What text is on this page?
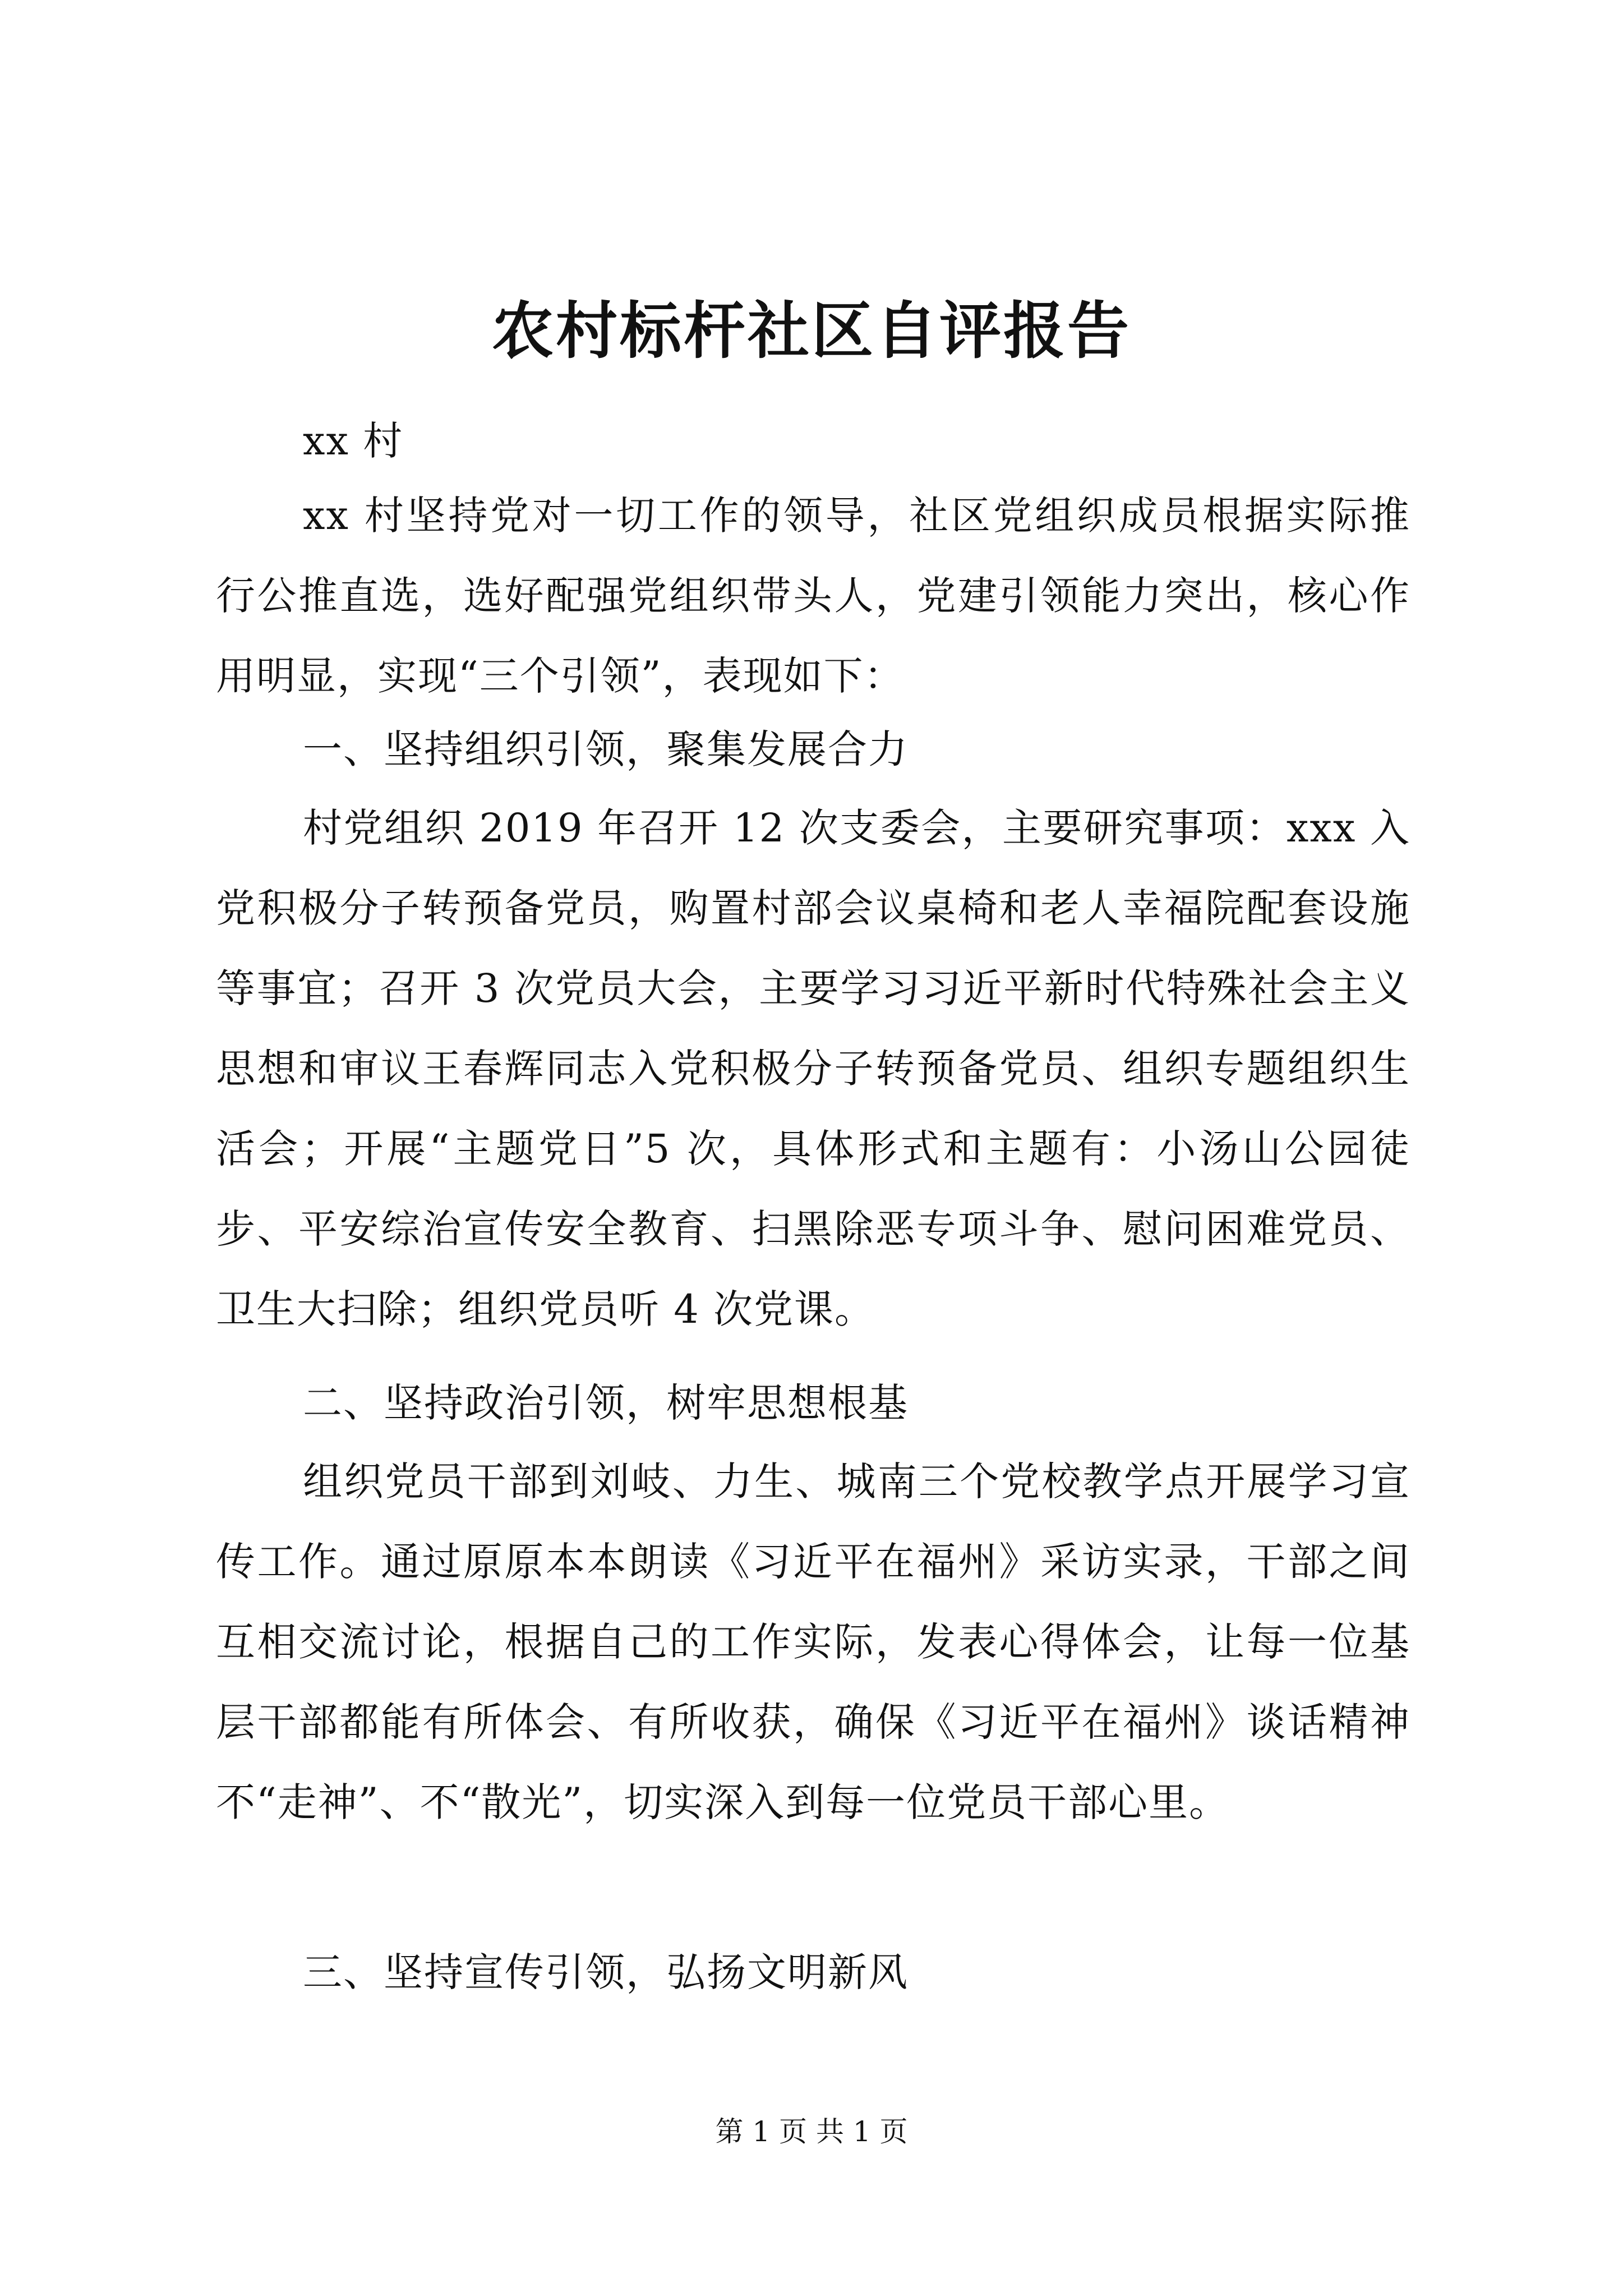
农村标杆社区自评报告

xx 村

xx 村坚持党对一切工作的领导，社区党组织成员根据实际推行公推直选，选好配强党组织带头人，党建引领能力突出，核心作用明显，实现“三个引领”，表现如下：

一、坚持组织引领，聚集发展合力

村党组织 2019 年召开 12 次支委会，主要研究事项：xxx 入党积极分子转预备党员，购置村部会议桌椅和老人幸福院配套设施等事宜；召开 3 次党员大会，主要学习习近平新时代特殊社会主义思想和审议王春辉同志入党积极分子转预备党员、组织专题组织生活会；开展“主题党日”5 次，具体形式和主题有：小汤山公园徒步、平安综治宣传安全教育、扫黑除恶专项斗争、慰问困难党员、卫生大扫除；组织党员听 4 次党课。

二、坚持政治引领，树牢思想根基

组织党员干部到刘岐、力生、城南三个党校教学点开展学习宣传工作。通过原原本本朗读《习近平在福州》采访实录，干部之间互相交流讨论，根据自己的工作实际，发表心得体会，让每一位基层干部都能有所体会、有所收获，确保《习近平在福州》谈话精神不“走神”、不“散光”，切实深入到每一位党员干部心里。

三、坚持宣传引领，弘扬文明新风

第 1 页 共 1 页
